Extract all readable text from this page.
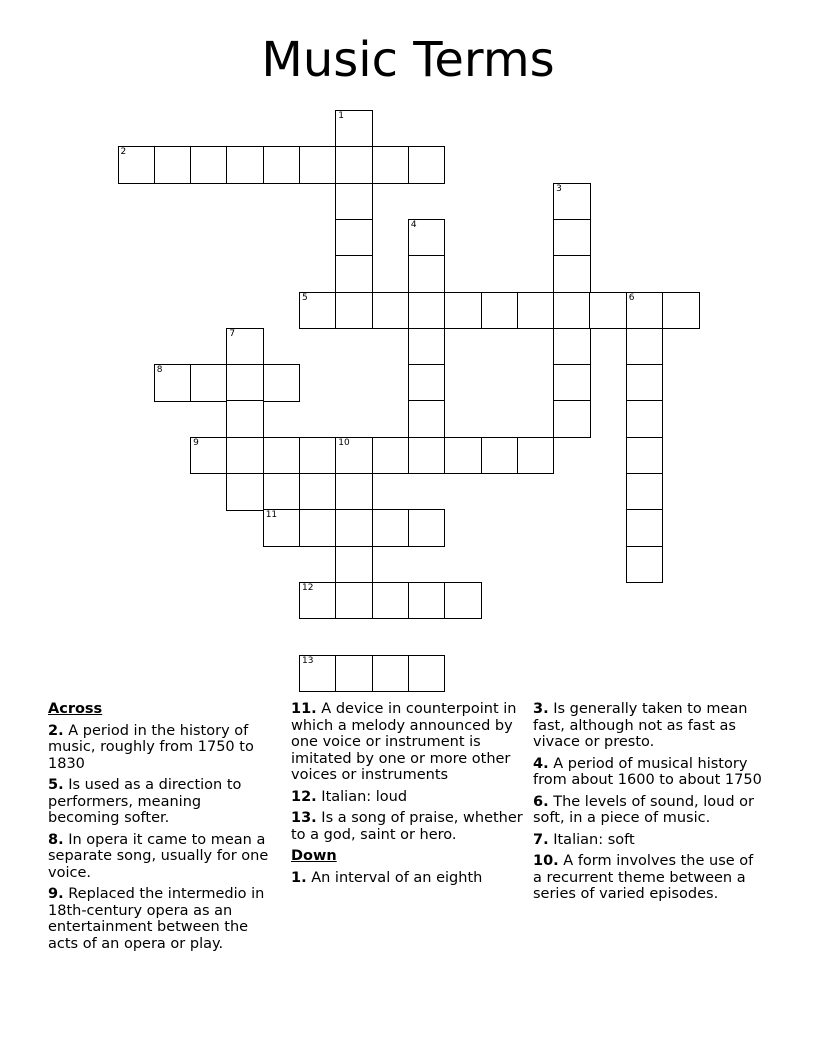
Music Terms
1
2
3
4
5	6
7
8
9	10
11
12
13
Across
2. A period in the history of music, roughly from 1750 to 1830
5. Is used as a direction to performers, meaning becoming softer.
8. In opera it came to mean a separate song, usually for one voice.
9. Replaced the intermedio in 18th-century opera as an entertainment between the acts of an opera or play.
11. A device in counterpoint in which a melody announced by one voice or instrument is imitated by one or more other voices or instruments
12. Italian: loud
13. Is a song of praise, whether to a god, saint or hero.
Down
1. An interval of an eighth
3. Is generally taken to mean fast, although not as fast as vivace or presto.
4. A period of musical history from about 1600 to about 1750
6. The levels of sound, loud or soft, in a piece of music.
7. Italian: soft
10. A form involves the use of a recurrent theme between a series of varied episodes.
